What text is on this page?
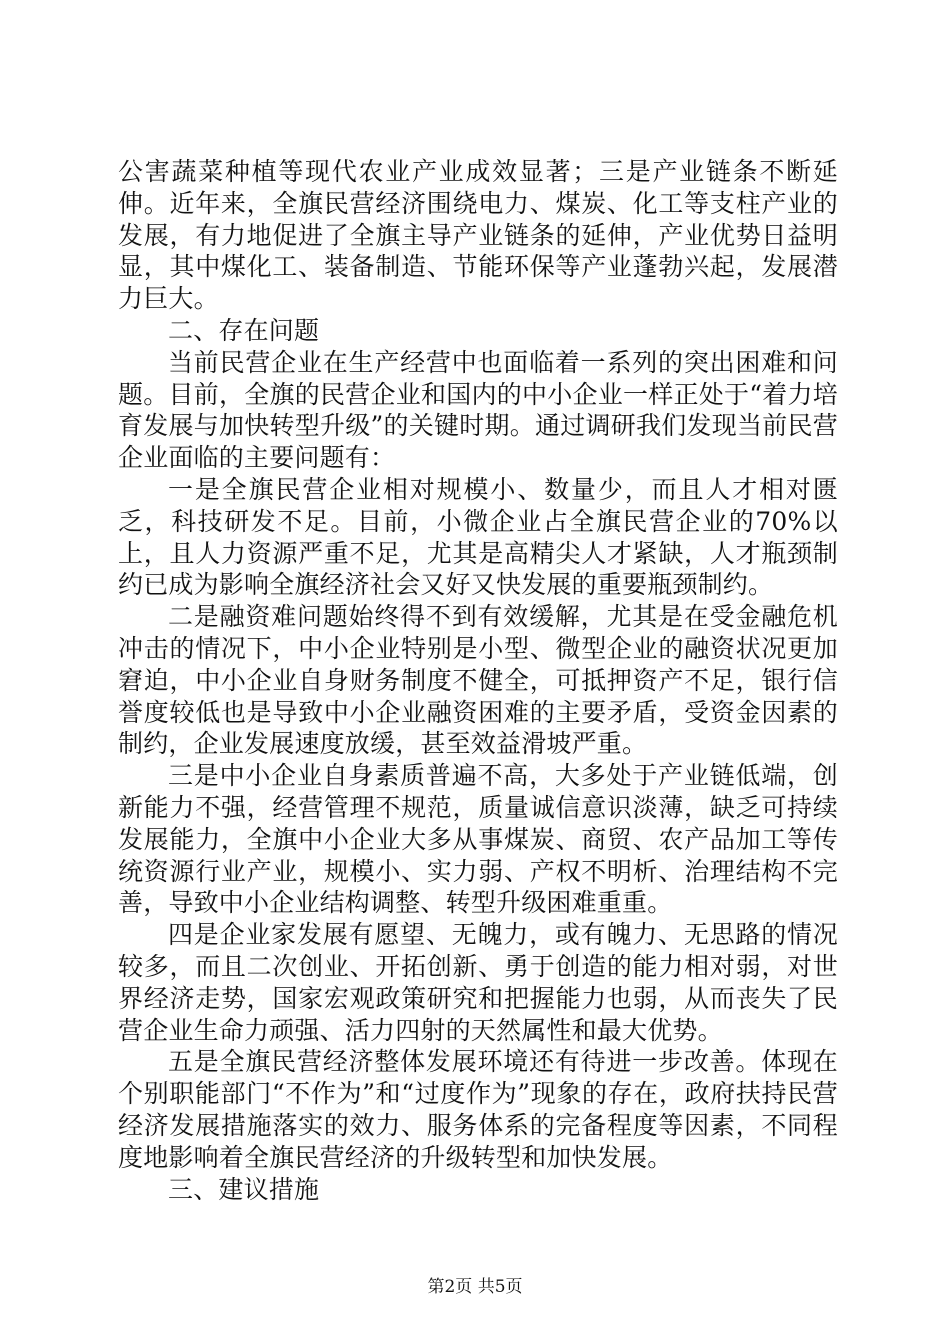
公害蔬菜种植等现代农业产业成效显著；三是产业链条不断延伸。近年来，全旗民营经济围绕电力、煤炭、化工等支柱产业的发展，有力地促进了全旗主导产业链条的延伸，产业优势日益明显，其中煤化工、装备制造、节能环保等产业蓬勃兴起，发展潜力巨大。

二、存在问题

当前民营企业在生产经营中也面临着一系列的突出困难和问题。目前，全旗的民营企业和国内的中小企业一样正处于“着力培育发展与加快转型升级”的关键时期。通过调研我们发现当前民营企业面临的主要问题有：

一是全旗民营企业相对规模小、数量少，而且人才相对匮乏，科技研发不足。目前，小微企业占全旗民营企业的70%以上，且人力资源严重不足，尤其是高精尖人才紧缺，人才瓶颈制约已成为影响全旗经济社会又好又快发展的重要瓶颈制约。

二是融资难问题始终得不到有效缓解，尤其是在受金融危机冲击的情况下，中小企业特别是小型、微型企业的融资状况更加窘迫，中小企业自身财务制度不健全，可抵押资产不足，银行信誉度较低也是导致中小企业融资困难的主要矛盾，受资金因素的制约，企业发展速度放缓，甚至效益滑坡严重。

三是中小企业自身素质普遍不高，大多处于产业链低端，创新能力不强，经营管理不规范，质量诚信意识淡薄，缺乏可持续发展能力，全旗中小企业大多从事煤炭、商贸、农产品加工等传统资源行业产业，规模小、实力弱、产权不明析、治理结构不完善，导致中小企业结构调整、转型升级困难重重。

四是企业家发展有愿望、无魄力，或有魄力、无思路的情况较多，而且二次创业、开拓创新、勇于创造的能力相对弱，对世界经济走势，国家宏观政策研究和把握能力也弱，从而丧失了民营企业生命力顽强、活力四射的天然属性和最大优势。

五是全旗民营经济整体发展环境还有待进一步改善。体现在个别职能部门“不作为”和“过度作为”现象的存在，政府扶持民营经济发展措施落实的效力、服务体系的完备程度等因素，不同程度地影响着全旗民营经济的升级转型和加快发展。

三、建议措施

第2页 共5页
